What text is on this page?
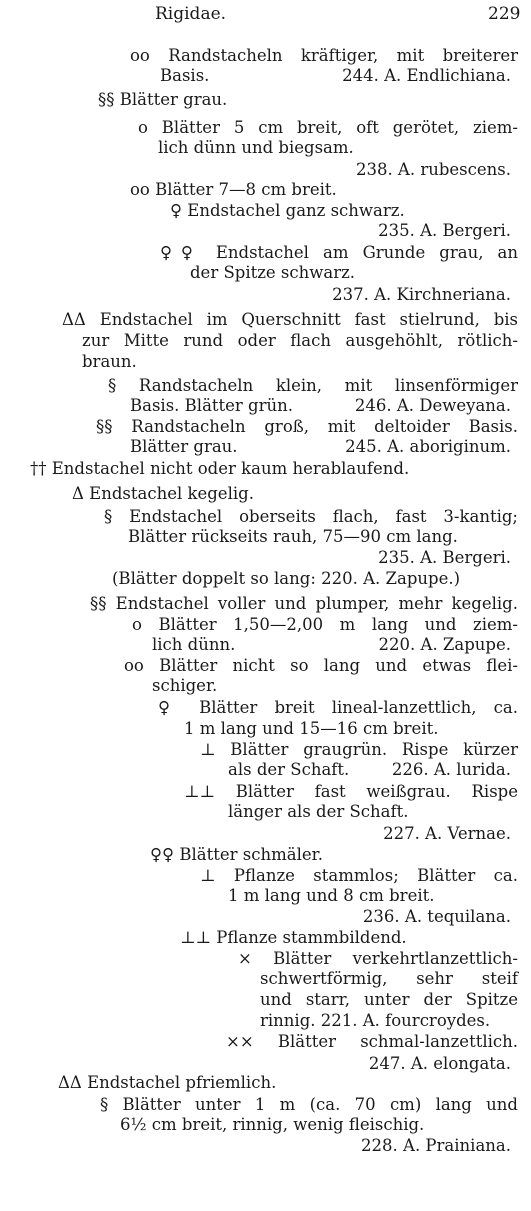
Rigidae.	229
oo Randstacheln kräftiger, mit breiterer
Basis.	244. A. Endlichiana.
§§ Blätter grau.
o Blätter 5 cm breit, oft gerötet, ziem-
lich dünn und biegsam.
238. A. rubescens.
oo Blätter 7—8 cm breit.
♀ Endstachel ganz schwarz.
235. A. Bergeri.
♀♀ Endstachel am Grunde grau, an
der Spitze schwarz.
237. A. Kirchneriana.
ΔΔ Endstachel im Querschnitt fast stielrund, bis
zur Mitte rund oder flach ausgehöhlt, rötlich-
braun.
§ Randstacheln klein, mit linsenförmiger
Basis. Blätter grün.	246. A. Deweyana.
§§ Randstacheln groß, mit deltoider Basis.
Blätter grau.	245. A. aboriginum.
†† Endstachel nicht oder kaum herablaufend.
Δ Endstachel kegelig.
§ Endstachel oberseits flach, fast 3-kantig;
Blätter rückseits rauh, 75—90 cm lang.
235. A. Bergeri.
(Blätter doppelt so lang: 220. A. Zapupe.)
§§ Endstachel voller und plumper, mehr kegelig.
o Blätter 1,50—2,00 m lang und ziem-
lich dünn.	220. A. Zapupe.
oo Blätter nicht so lang und etwas flei-
schiger.
♀ Blätter breit lineal-lanzettlich, ca.
1 m lang und 15—16 cm breit.
⊥ Blätter graugrün. Rispe kürzer
als der Schaft.	226. A. lurida.
⊥⊥ Blätter fast weißgrau. Rispe
länger als der Schaft.
227. A. Vernae.
♀♀ Blätter schmäler.
⊥ Pflanze stammlos; Blätter ca.
1 m lang und 8 cm breit.
236. A. tequilana.
⊥⊥ Pflanze stammbildend.
× Blätter verkehrtlanzettlich-
schwertförmig, sehr steif
und starr, unter der Spitze
rinnig. 221. A. fourcroydes.
×× Blätter schmal-lanzettlich.
247. A. elongata.
ΔΔ Endstachel pfriemlich.
§ Blätter unter 1 m (ca. 70 cm) lang und
6½ cm breit, rinnig, wenig fleischig.
228. A. Prainiana.
